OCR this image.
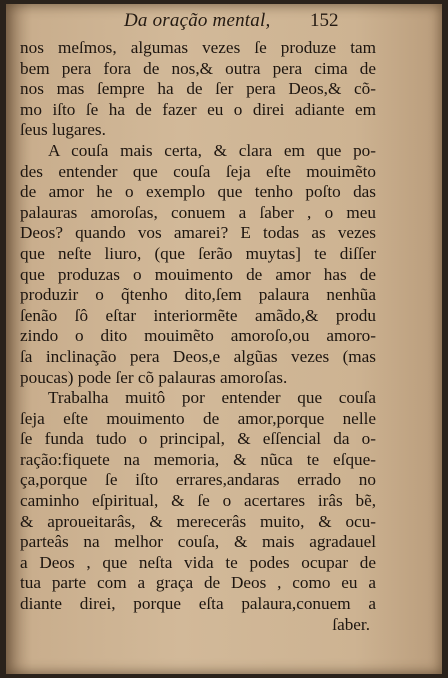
Da oração mental, 152
nos meſmos, algumas vezes ſe produze tam
bem pera fora de nos,& outra pera cima de
nos mas ſempre ha de ſer pera Deos,& cõ-
mo iſto ſe ha de fazer eu o direi adiante em
ſeus lugares.
A couſa mais certa, & clara em que po-
des entender que couſa ſeja eſte mouimẽto
de amor he o exemplo que tenho poſto das
palauras amoroſas, conuem a ſaber , o meu
Deos? quando vos amarei? E todas as vezes
que neſte liuro, (que ſerão muytas] te diſſer
que produzas o mouimento de amor has de
produzir o q̃tenho dito,ſem palaura nenhũa
ſenão ſô eſtar interiormẽte amãdo,& produ
zindo o dito mouimẽto amoroſo,ou amoro-
ſa inclinação pera Deos,e algũas vezes (mas
poucas) pode ſer cõ palauras amoroſas.
Trabalha muitô por entender que couſa
ſeja eſte mouimento de amor,porque nelle
ſe funda tudo o principal, & eſſencial da o-
ração:fiquete na memoria, & nũca te eſque-
ça,porque ſe iſto errares,andaras errado no
caminho eſpiritual, & ſe o acertares irâs bẽ,
& aproueitarâs, & merecerâs muito, & ocu-
parteâs na melhor couſa, & mais agradauel
a Deos , que neſta vida te podes ocupar de
tua parte com a graça de Deos , como eu a
diante direi, porque eſta palaura,conuem a
ſaber.
